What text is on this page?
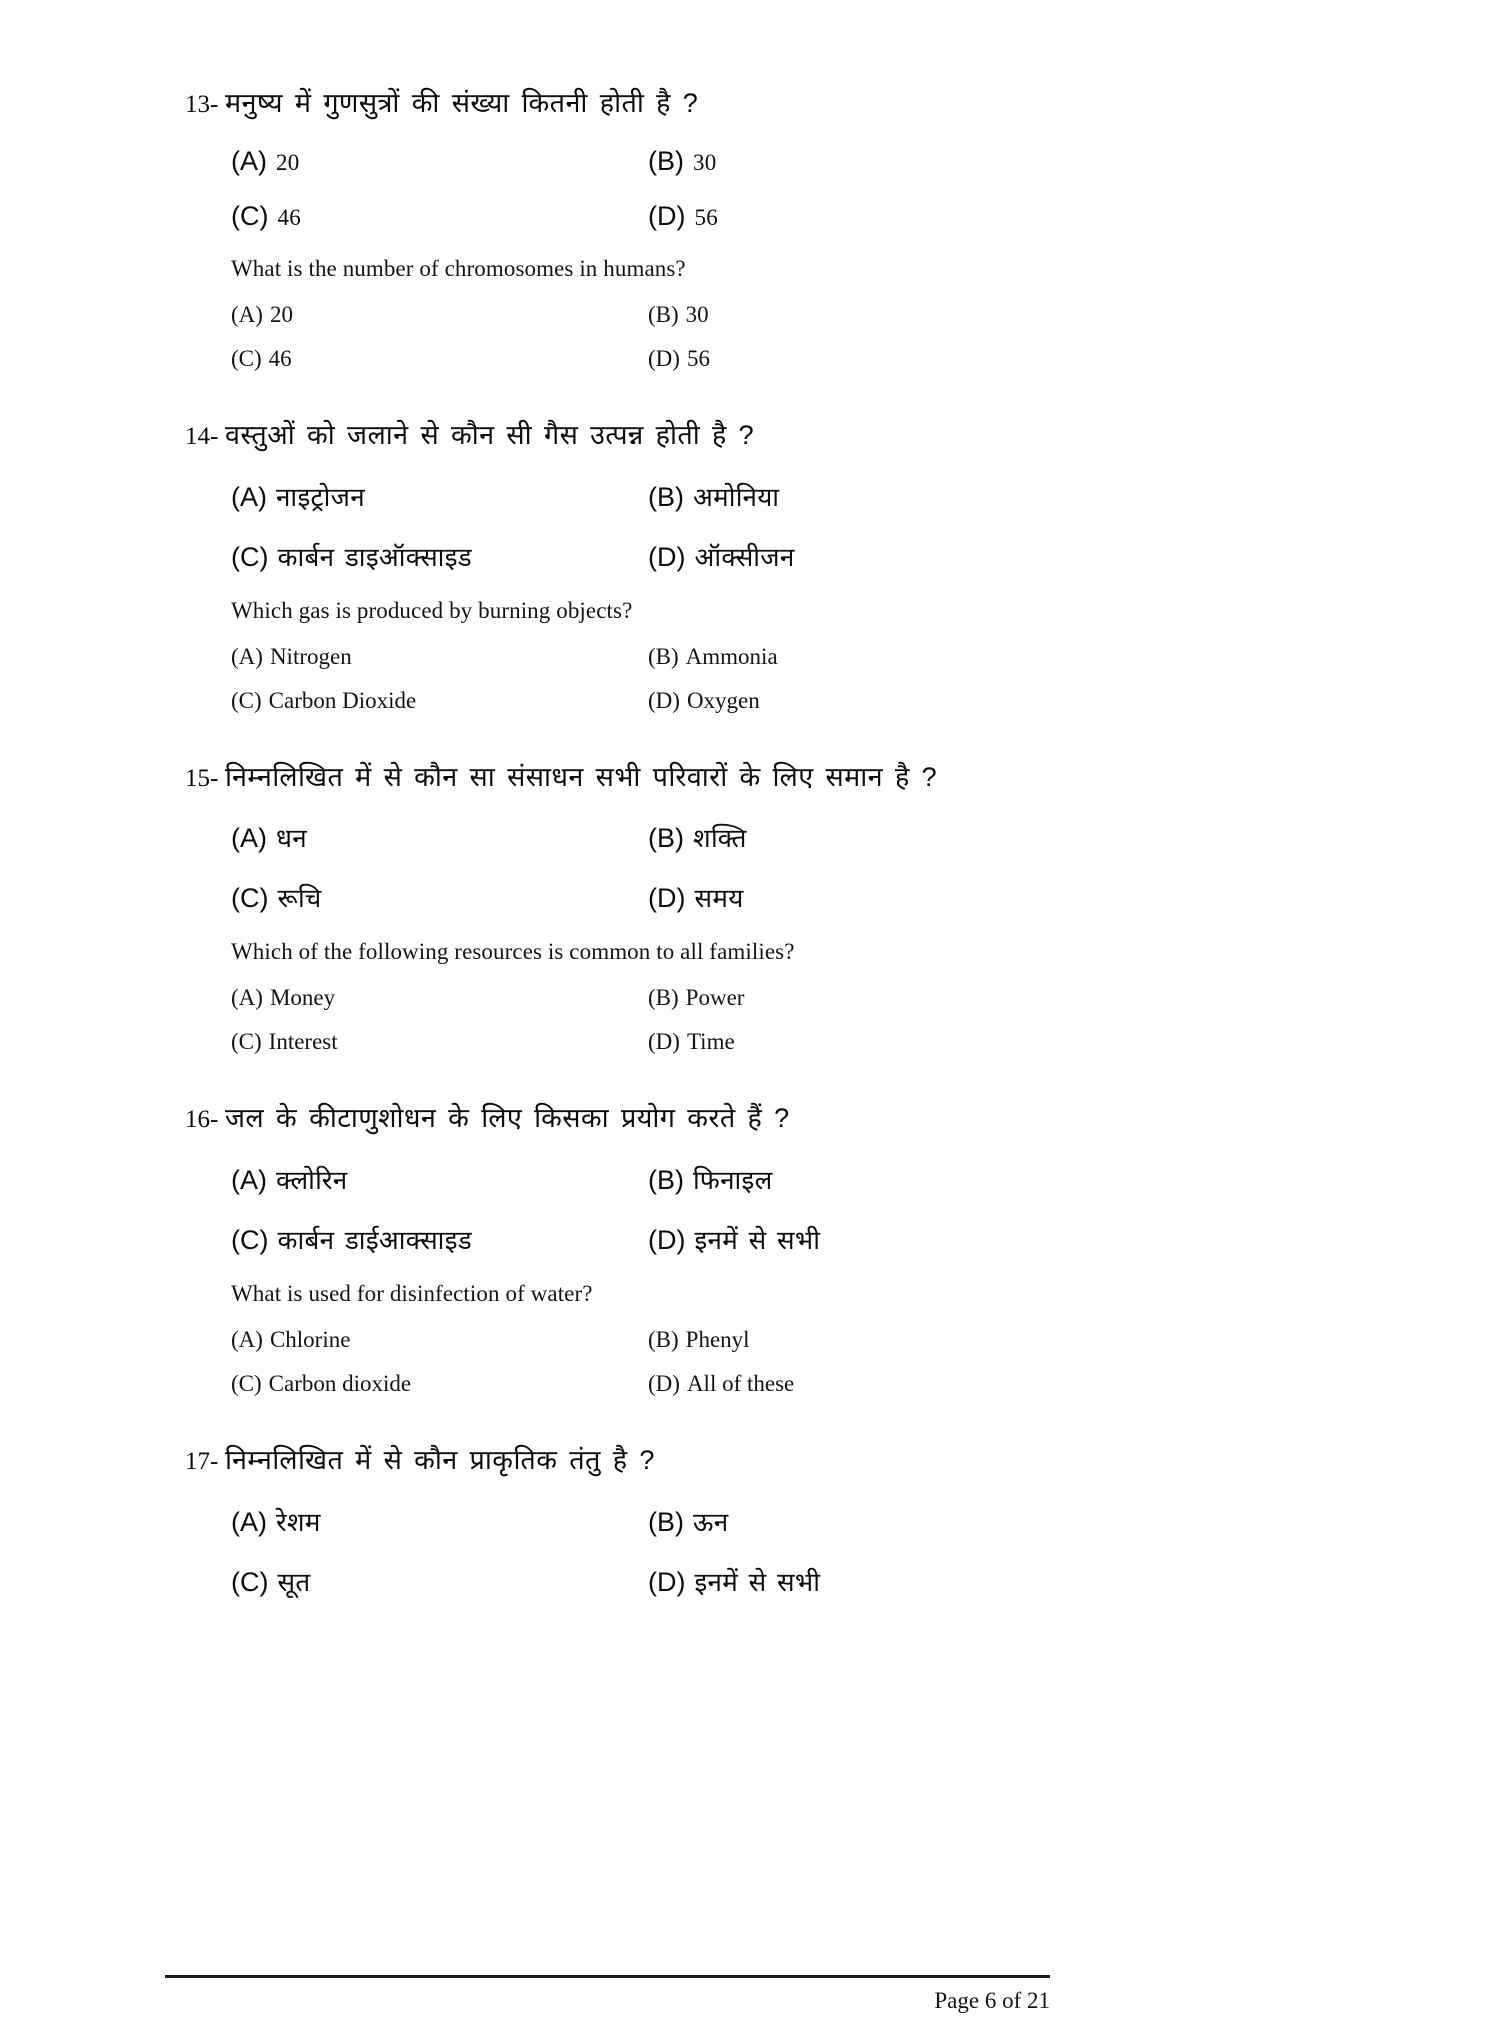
13- मनुष्य में गुणसुत्रों की संख्या कितनी होती है ?
(A) 20	(B) 30
(C) 46	(D) 56
What is the number of chromosomes in humans?
(A) 20	(B) 30
(C) 46	(D) 56
14- वस्तुओं को जलाने से कौन सी गैस उत्पन्न होती है ?
(A) नाइट्रोजन	(B) अमोनिया
(C) कार्बन डाइऑक्साइड	(D) ऑक्सीजन
Which gas is produced by burning objects?
(A) Nitrogen	(B) Ammonia
(C) Carbon Dioxide	(D) Oxygen
15- निम्नलिखित में से कौन सा संसाधन सभी परिवारों के लिए समान है ?
(A) धन	(B) शक्ति
(C) रूचि	(D) समय
Which of the following resources is common to all families?
(A) Money	(B) Power
(C) Interest	(D) Time
16- जल के कीटाणुशोधन के लिए किसका प्रयोग करते हैं ?
(A) क्लोरिन	(B) फिनाइल
(C) कार्बन डाईआक्साइड	(D) इनमें से सभी
What is used for disinfection of water?
(A) Chlorine	(B) Phenyl
(C) Carbon dioxide	(D) All of these
17- निम्नलिखित में से कौन प्राकृतिक तंतु है ?
(A) रेशम	(B) ऊन
(C) सूत	(D) इनमें से सभी
Page 6 of 21
